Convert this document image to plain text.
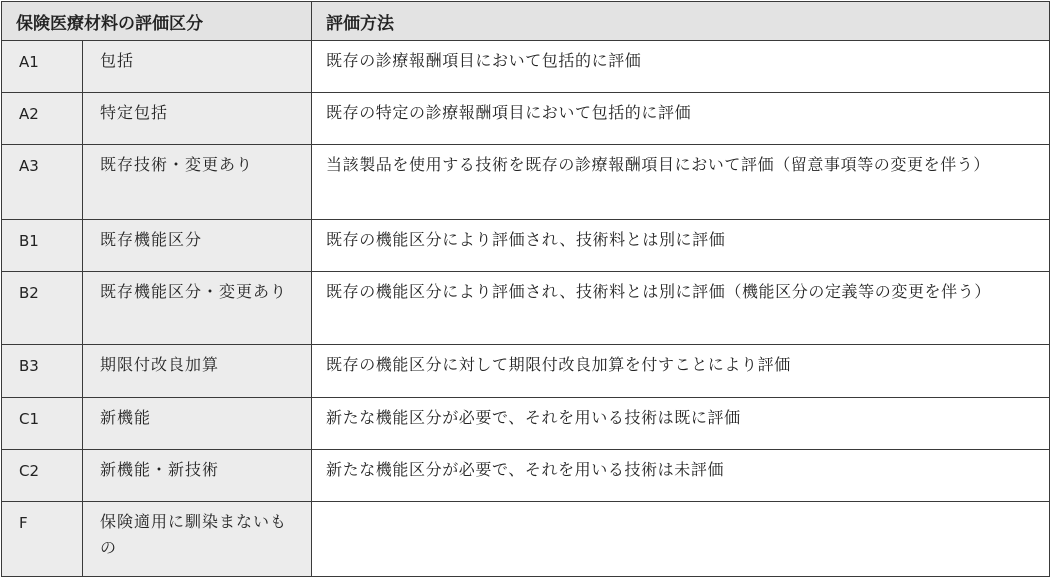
保険医療材料の評価区分		評価方法
A1	包括	既存の診療報酬項目において包括的に評価
A2	特定包括	既存の特定の診療報酬項目において包括的に評価
A3	既存技術・変更あり	当該製品を使用する技術を既存の診療報酬項目において評価（留意事項等の変更を伴う）
B1	既存機能区分	既存の機能区分により評価され、技術料とは別に評価
B2	既存機能区分・変更あり	既存の機能区分により評価され、技術料とは別に評価（機能区分の定義等の変更を伴う）
B3	期限付改良加算	既存の機能区分に対して期限付改良加算を付すことにより評価
C1	新機能	新たな機能区分が必要で、それを用いる技術は既に評価
C2	新機能・新技術	新たな機能区分が必要で、それを用いる技術は未評価
F	保険適用に馴染まないもの	
